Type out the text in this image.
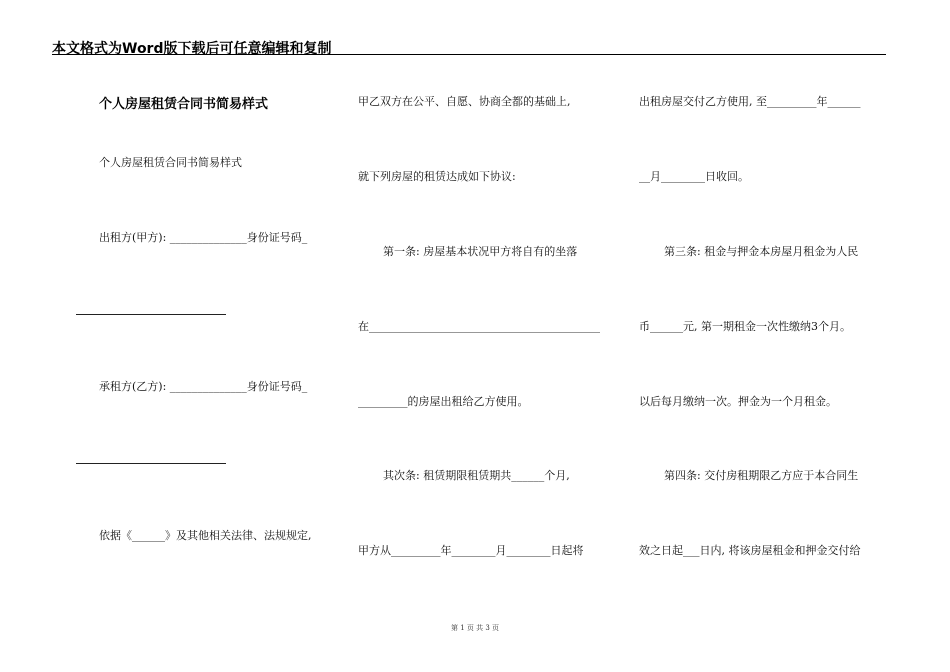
本文格式为Word版下载后可任意编辑和复制
个人房屋租赁合同书简易样式
个人房屋租赁合同书简易样式
出租方(甲方): ______________身份证号码_
承租方(乙方): ______________身份证号码_
依据《______》及其他相关法律、法规规定,
甲乙双方在公平、自愿、协商全都的基础上,
就下列房屋的租赁达成如下协议:
第一条: 房屋基本状况甲方将自有的坐落
在__________________________________________
_________的房屋出租给乙方使用。
其次条: 租赁期限租赁期共______个月,
甲方从_________年________月________日起将
出租房屋交付乙方使用, 至_________年______
__月________日收回。
第三条: 租金与押金本房屋月租金为人民
币______元, 第一期租金一次性缴纳3个月。
以后每月缴纳一次。押金为一个月租金。
第四条: 交付房租期限乙方应于本合同生
效之日起___日内, 将该房屋租金和押金交付给
第 1 页 共 3 页
